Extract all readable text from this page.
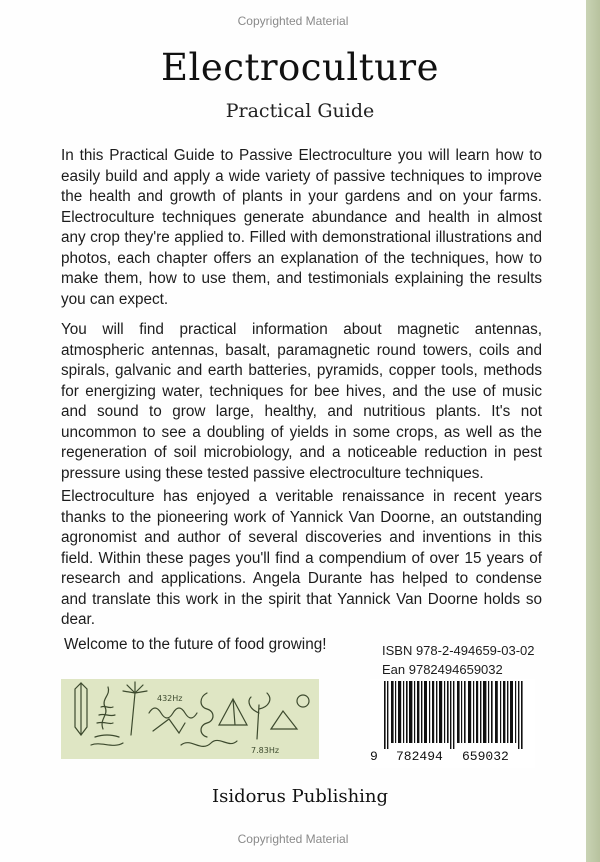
Copyrighted Material
Electroculture
Practical Guide

In this Practical Guide to Passive Electroculture you will learn how to easily build and apply a wide variety of passive techniques to improve the health and growth of plants in your gardens and on your farms. Electroculture techniques generate abundance and health in almost any crop they're applied to. Filled with demonstrational illustrations and photos, each chapter offers an explanation of the techniques, how to make them, how to use them, and testimonials explaining the results you can expect.

You will find practical information about magnetic antennas, atmospheric antennas, basalt, paramagnetic round towers, coils and spirals, galvanic and earth batteries, pyramids, copper tools, methods for energizing water, techniques for bee hives, and the use of music and sound to grow large, healthy, and nutritious plants. It's not uncommon to see a doubling of yields in some crops, as well as the regeneration of soil microbiology, and a noticeable reduction in pest pressure using these tested passive electroculture techniques.

Electroculture has enjoyed a veritable renaissance in recent years thanks to the pioneering work of Yannick Van Doorne, an outstanding agronomist and author of several discoveries and inventions in this field. Within these pages you'll find a compendium of over 15 years of research and applications. Angela Durante has helped to condense and translate this work in the spirit that Yannick Van Doorne holds so dear.

Welcome to the future of food growing!	ISBN 978-2-494659-03-02
Ean 9782494659032
432Hz
7.83Hz	9 782494 659032
Isidorus Publishing
Copyrighted Material
